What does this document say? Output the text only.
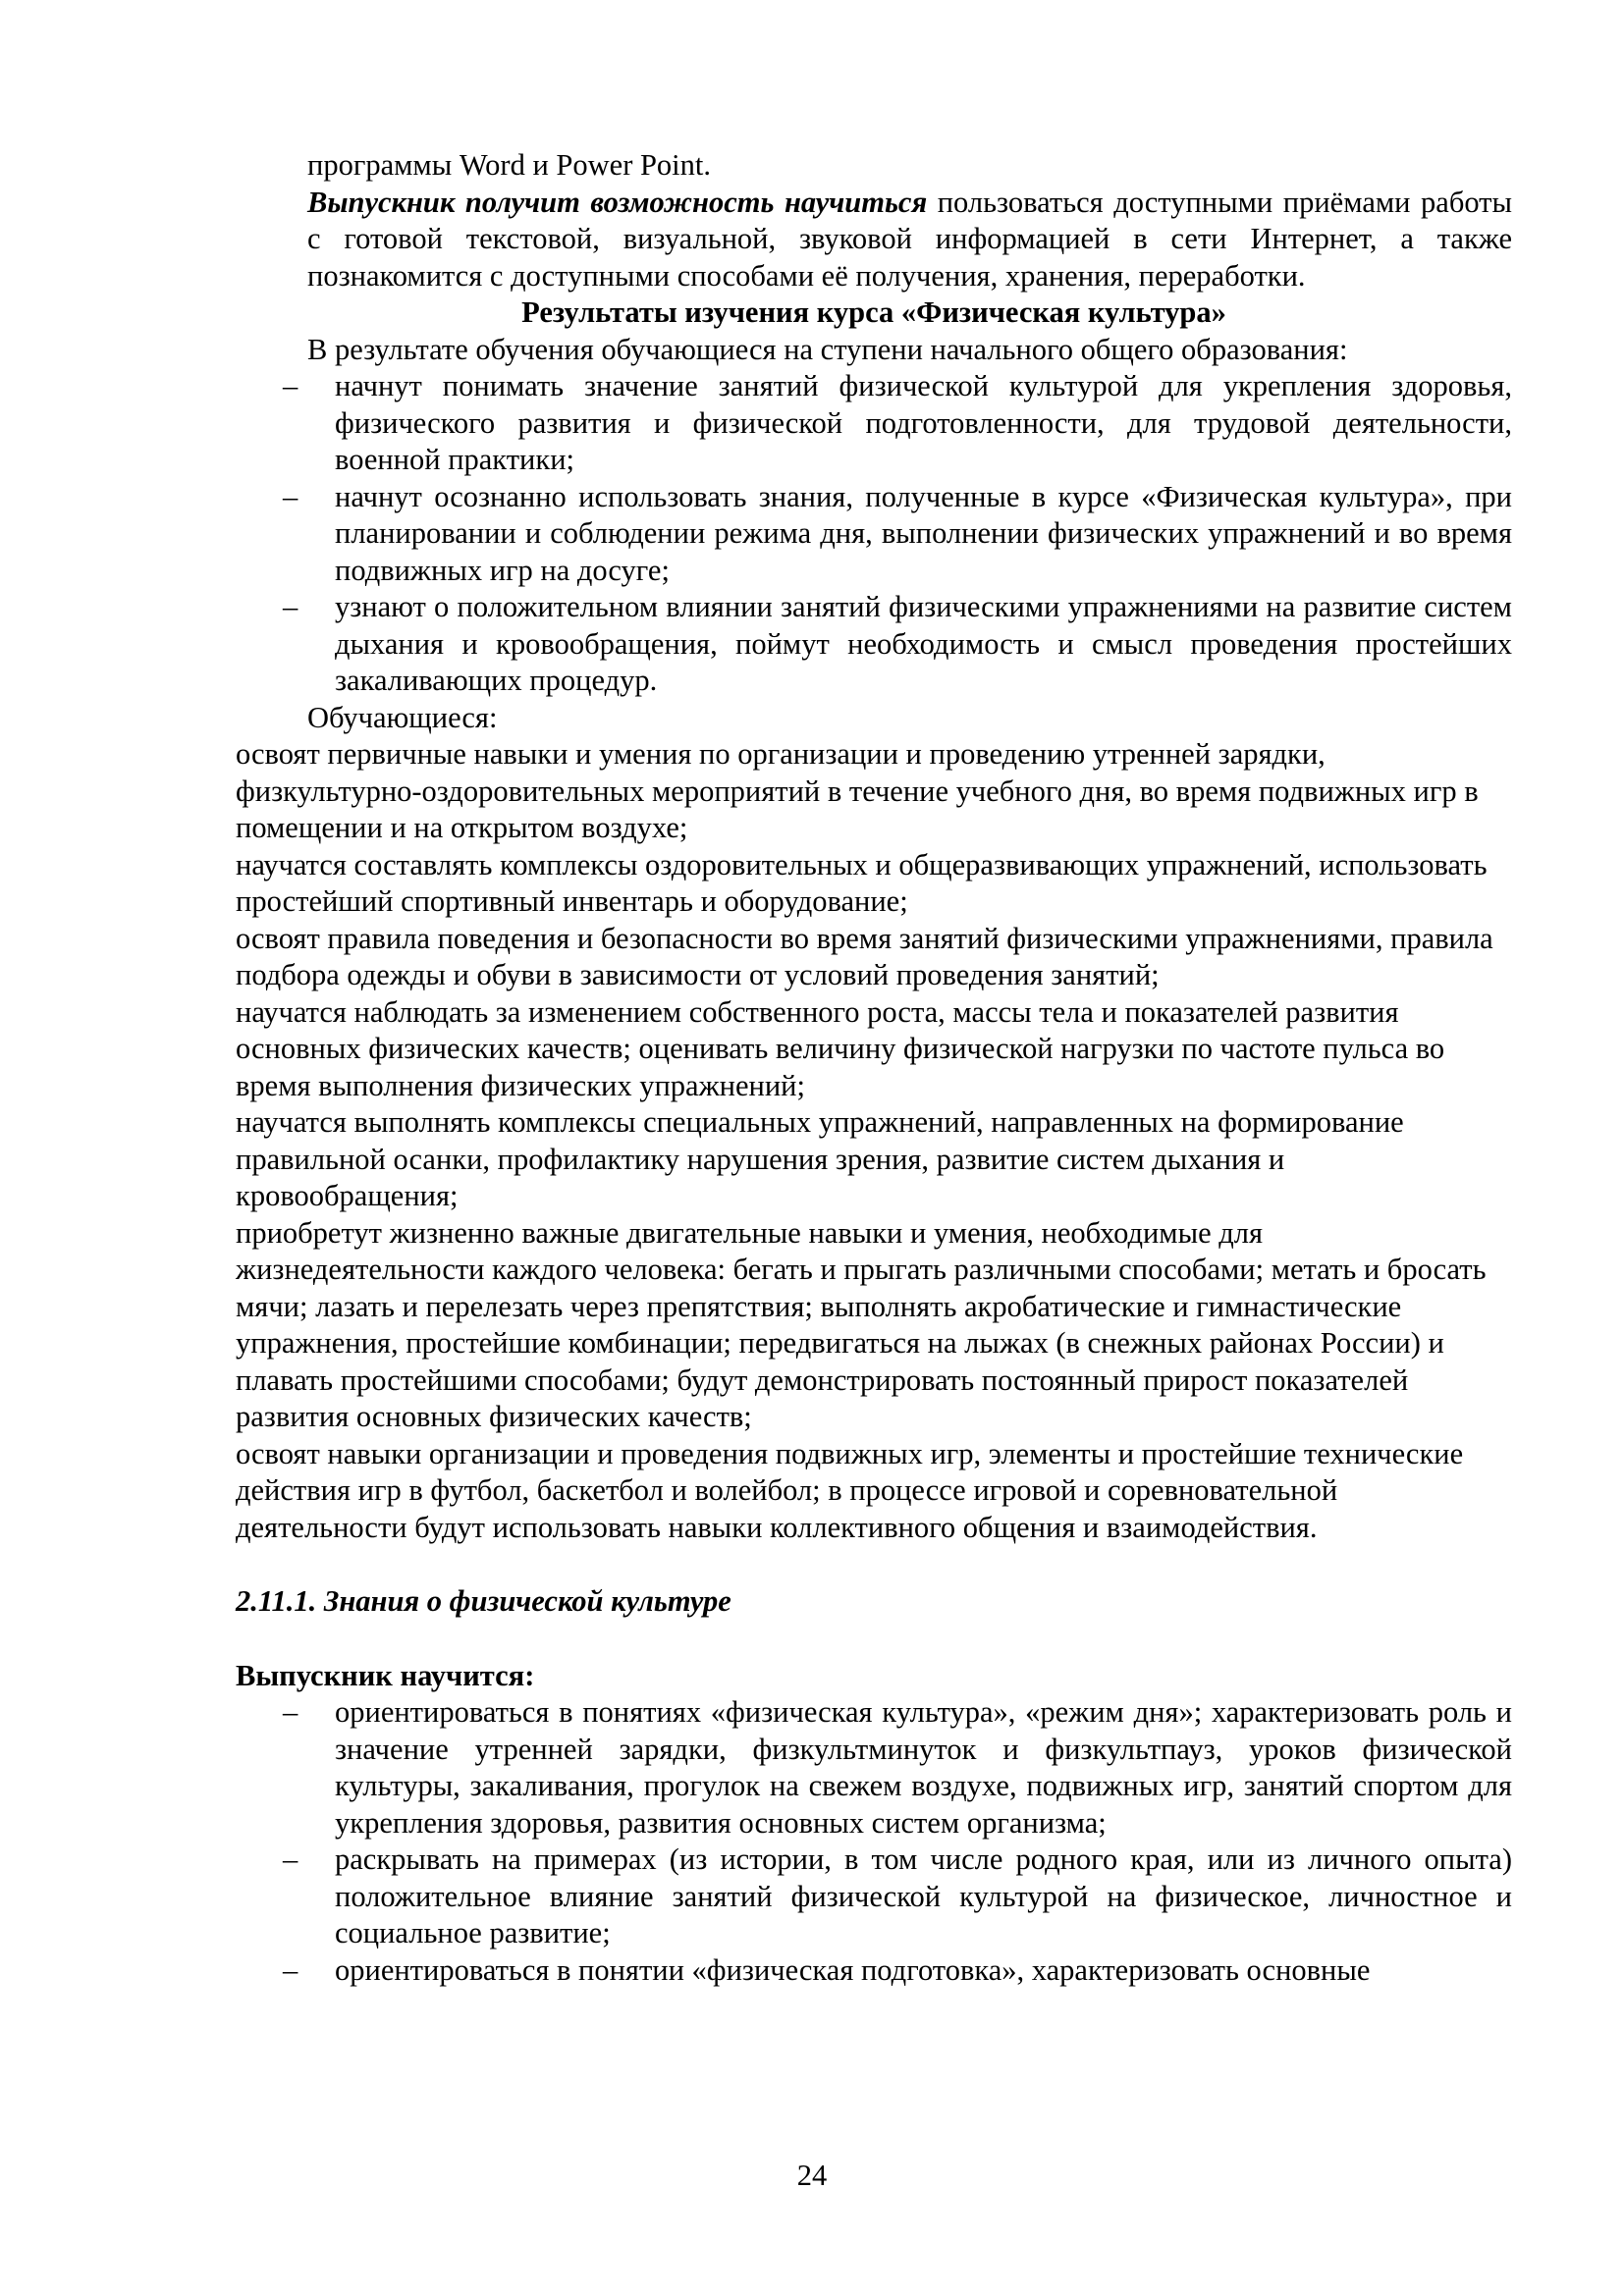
программы Word и Power Point.
Выпускник получит возможность научиться пользоваться доступными приёмами работы с готовой текстовой, визуальной, звуковой информацией в сети Интернет, а также познакомится с доступными способами её получения, хранения, переработки.
Результаты изучения курса «Физическая культура»
В результате обучения обучающиеся на ступени начального общего образования:
– начнут понимать значение занятий физической культурой для укрепления здоровья, физического развития и физической подготовленности, для трудовой деятельности, военной практики;
– начнут осознанно использовать знания, полученные в курсе «Физическая культура», при планировании и соблюдении режима дня, выполнении физических упражнений и во время подвижных игр на досуге;
– узнают о положительном влиянии занятий физическими упражнениями на развитие систем дыхания и кровообращения, поймут необходимость и смысл проведения простейших закаливающих процедур.
Обучающиеся:
освоят первичные навыки и умения по организации и проведению утренней зарядки, физкультурно-оздоровительных мероприятий в течение учебного дня, во время подвижных игр в помещении и на открытом воздухе;
научатся составлять комплексы оздоровительных и общеразвивающих упражнений, использовать простейший спортивный инвентарь и оборудование;
освоят правила поведения и безопасности во время занятий физическими упражнениями, правила подбора одежды и обуви в зависимости от условий проведения занятий;
научатся наблюдать за изменением собственного роста, массы тела и показателей развития основных физических качеств; оценивать величину физической нагрузки по частоте пульса во время выполнения физических упражнений;
научатся выполнять комплексы специальных упражнений, направленных на формирование правильной осанки, профилактику нарушения зрения, развитие систем дыхания и кровообращения;
приобретут жизненно важные двигательные навыки и умения, необходимые для жизнедеятельности каждого человека: бегать и прыгать различными способами; метать и бросать мячи; лазать и перелезать через препятствия; выполнять акробатические и гимнастические упражнения, простейшие комбинации; передвигаться на лыжах (в снежных районах России) и плавать простейшими способами; будут демонстрировать постоянный прирост показателей развития основных физических качеств;
освоят навыки организации и проведения подвижных игр, элементы и простейшие технические действия игр в футбол, баскетбол и волейбол; в процессе игровой и соревновательной деятельности будут использовать навыки коллективного общения и взаимодействия.
2.11.1. Знания о физической культуре
Выпускник научится:
– ориентироваться в понятиях «физическая культура», «режим дня»; характеризовать роль и значение утренней зарядки, физкультминуток и физкультпауз, уроков физической культуры, закаливания, прогулок на свежем воздухе, подвижных игр, занятий спортом для укрепления здоровья, развития основных систем организма;
– раскрывать на примерах (из истории, в том числе родного края, или из личного опыта) положительное влияние занятий физической культурой на физическое, личностное и социальное развитие;
– ориентироваться в понятии «физическая подготовка», характеризовать основные
24
